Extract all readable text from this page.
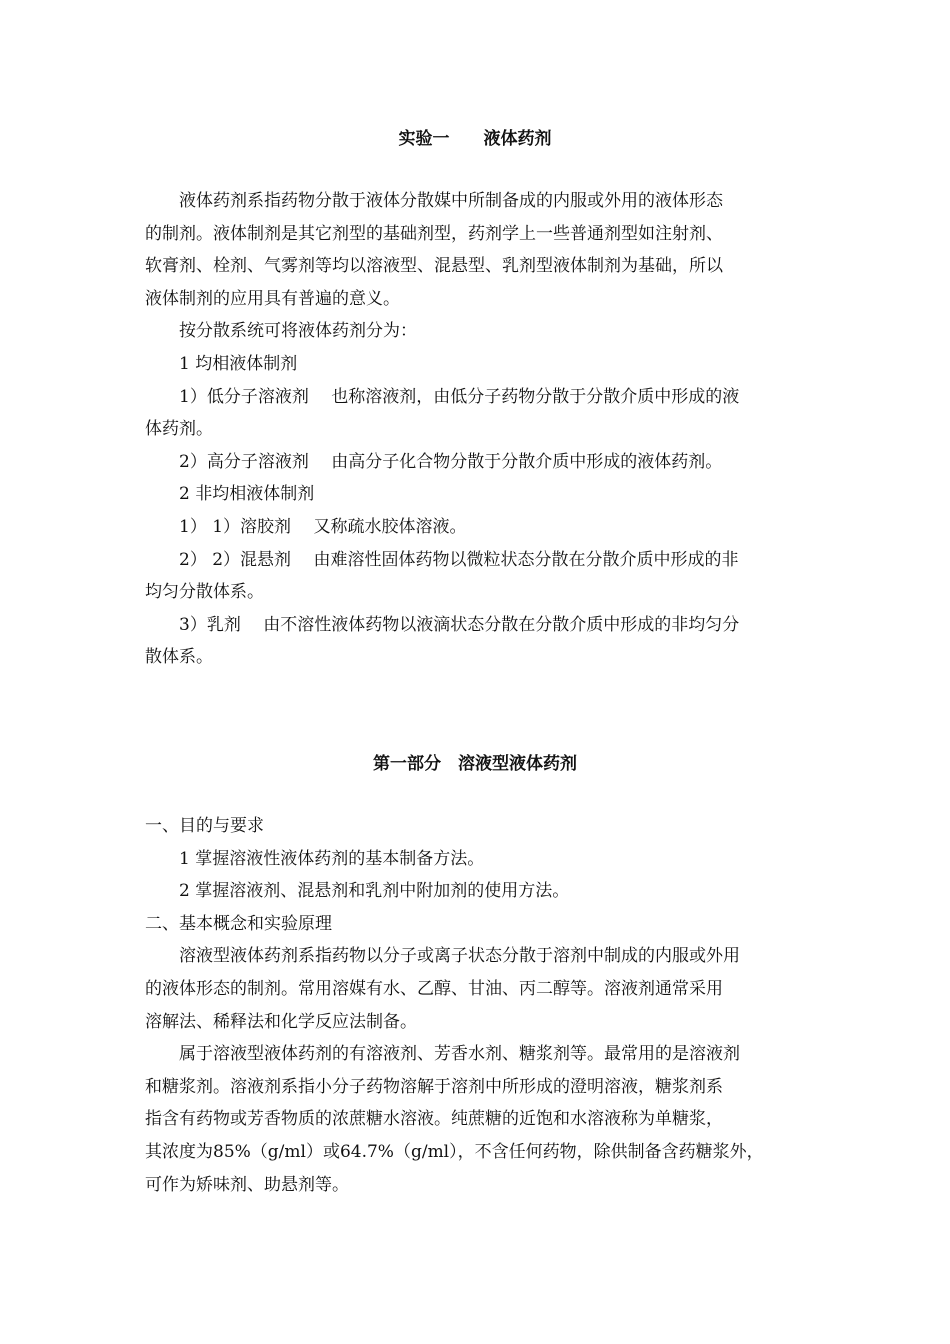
实验一　　液体药剂
液体药剂系指药物分散于液体分散媒中所制备成的内服或外用的液体形态
的制剂。液体制剂是其它剂型的基础剂型，药剂学上一些普通剂型如注射剂、
软膏剂、栓剂、气雾剂等均以溶液型、混悬型、乳剂型液体制剂为基础，所以
液体制剂的应用具有普遍的意义。
按分散系统可将液体药剂分为：
1 均相液体制剂
1）低分子溶液剂　 也称溶液剂，由低分子药物分散于分散介质中形成的液
体药剂。
2）高分子溶液剂　 由高分子化合物分散于分散介质中形成的液体药剂。
2 非均相液体制剂
1） 1）溶胶剂　 又称疏水胶体溶液。
2） 2）混悬剂　 由难溶性固体药物以微粒状态分散在分散介质中形成的非
均匀分散体系。
3）乳剂　 由不溶性液体药物以液滴状态分散在分散介质中形成的非均匀分
散体系。
第一部分　溶液型液体药剂
一、目的与要求
1 掌握溶液性液体药剂的基本制备方法。
2 掌握溶液剂、混悬剂和乳剂中附加剂的使用方法。
二、基本概念和实验原理
溶液型液体药剂系指药物以分子或离子状态分散于溶剂中制成的内服或外用
的液体形态的制剂。常用溶媒有水、乙醇、甘油、丙二醇等。溶液剂通常采用
溶解法、稀释法和化学反应法制备。
属于溶液型液体药剂的有溶液剂、芳香水剂、糖浆剂等。最常用的是溶液剂
和糖浆剂。溶液剂系指小分子药物溶解于溶剂中所形成的澄明溶液，糖浆剂系
指含有药物或芳香物质的浓蔗糖水溶液。纯蔗糖的近饱和水溶液称为单糖浆，
其浓度为85%（g/ml）或64.7%（g/ml），不含任何药物，除供制备含药糖浆外，
可作为矫味剂、助悬剂等。
